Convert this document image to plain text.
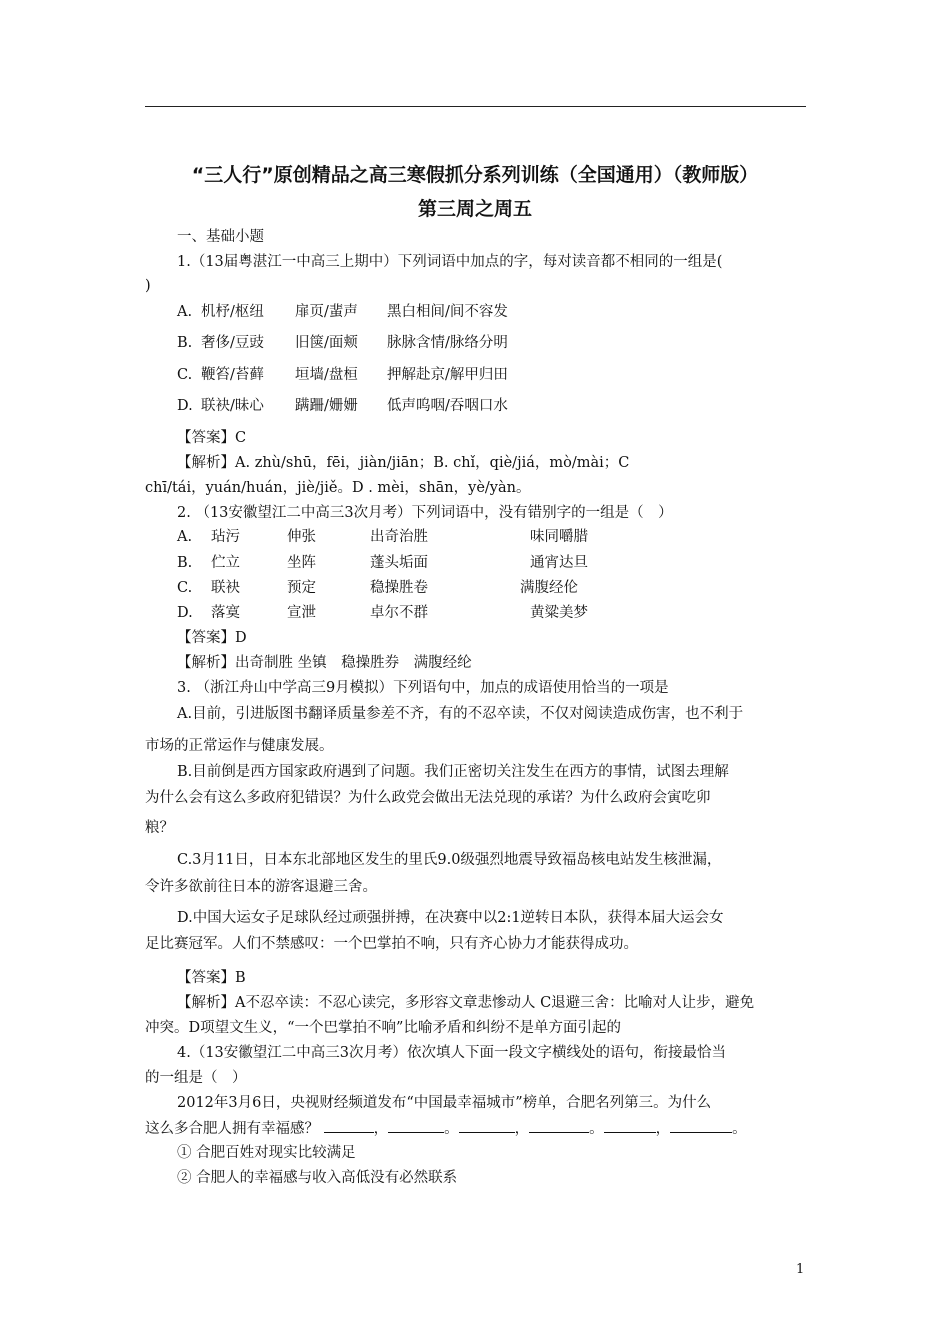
“三人行”原创精品之高三寒假抓分系列训练（全国通用）（教师版）
第三周之周五
一、基础小题
1.（13届粤湛江一中高三上期中）下列词语中加点的字，每对读音都不相同的一组是(
)
A. 机杼/枢纽 扉页/蜚声 黑白相间/间不容发
B. 奢侈/豆豉 旧箧/面颊 脉脉含情/脉络分明
C. 鞭笞/苔藓 垣墙/盘桓 押解赴京/解甲归田
D. 联袂/昧心 蹒跚/姗姗 低声呜咽/吞咽口水
【答案】C
【解析】A. zhù/shū，fēi，jiàn/jiān；B. chǐ，qiè/jiá，mò/mài；C
chī/tái，yuán/huán，jiè/jiě。D . mèi，shān，yè/yàn。
2. （13安徽望江二中高三3次月考）下列词语中，没有错别字的一组是（　）
A. 玷污	伸张	出奇治胜	味同嚼腊
B. 伫立	坐阵	蓬头垢面	通宵达旦
C. 联袂	预定	稳操胜卷	满腹经伦
D. 落寞	宣泄	卓尔不群	黄粱美梦
【答案】D
【解析】出奇制胜 坐镇　稳操胜券　满腹经纶
3. （浙江舟山中学高三9月模拟）下列语句中，加点的成语使用恰当的一项是
A.目前，引进版图书翻译质量参差不齐，有的不忍卒读，不仅对阅读造成伤害，也不利于
市场的正常运作与健康发展。
B.目前倒是西方国家政府遇到了问题。我们正密切关注发生在西方的事情，试图去理解
为什么会有这么多政府犯错误？为什么政党会做出无法兑现的承诺？为什么政府会寅吃卯
粮？
C.3月11日，日本东北部地区发生的里氏9.0级强烈地震导致福岛核电站发生核泄漏，
令许多欲前往日本的游客退避三舍。
D.中国大运女子足球队经过顽强拼搏，在决赛中以2:1逆转日本队，获得本届大运会女
足比赛冠军。人们不禁感叹：一个巴掌拍不响，只有齐心协力才能获得成功。
【答案】B
【解析】A不忍卒读：不忍心读完，多形容文章悲惨动人 C退避三舍：比喻对人让步，避免
冲突。D项望文生义，“一个巴掌拍不响”比喻矛盾和纠纷不是单方面引起的
4.（13安徽望江二中高三3次月考）依次填人下面一段文字横线处的语句，衔接最恰当
的一组是（　）
2012年3月6日，央视财经频道发布“中国最幸福城市”榜单，合肥名列第三。为什么
这么多合肥人拥有幸福感？	，	。	，	。	，	。
① 合肥百姓对现实比较满足
② 合肥人的幸福感与收入高低没有必然联系
1
